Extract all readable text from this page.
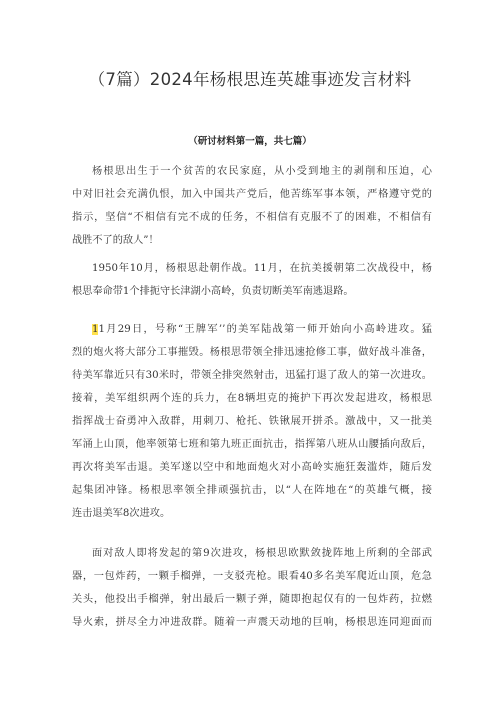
（7篇）2024年杨根思连英雄事迹发言材料
（研讨材料第一篇，共七篇）
杨根思出生于一个贫苦的农民家庭，从小受到地主的剥削和压迫，心
中对旧社会充满仇恨，加入中国共产党后，他苦练军事本领，严格遵守党的
指示，坚信“不相信有完不成的任务，不相信有克服不了的困难，不相信有
战胜不了的敌人”！
1950年10月，杨根思赴朝作战。11月，在抗美援朝第二次战役中，杨
根思奉命带1个排扼守长津湖小高岭，负责切断美军南逃退路。
11月29日，号称“王牌军’’的美军陆战第一师开始向小高岭进攻。猛
烈的炮火将大部分工事摧毁。杨根思带领全排迅速抢修工事，做好战斗准备，
待美军靠近只有30米时，带领全排突然射击，迅猛打退了敌人的第一次进攻。
接着，美军组织两个连的兵力，在8辆坦克的掩护下再次发起进攻，杨根思
指挥战士奋勇冲入敌群，用刺刀、枪托、铁锹展开拼杀。激战中，又一批美
军涌上山顶，他率领第七班和第九班正面抗击，指挥第八班从山腰插向敌后，
再次将美军击退。美军遂以空中和地面炮火对小高岭实施狂轰滥炸，随后发
起集团冲锋。杨根思率领全排顽强抗击，以“人在阵地在“的英雄气概，接
连击退美军8次进攻。
面对敌人即将发起的第9次进攻，杨根思欧默敛拢阵地上所剩的全部武
器，一包炸药，一颗手榴弹，一支驳壳枪。眼看40多名美军爬近山顶，危急
关头，他投出手榴弹，射出最后一颗子弹，随即抱起仅有的一包炸药，拉燃
导火索，拼尽全力冲进敌群。随着一声震天动地的巨响，杨根思连同迎面而
